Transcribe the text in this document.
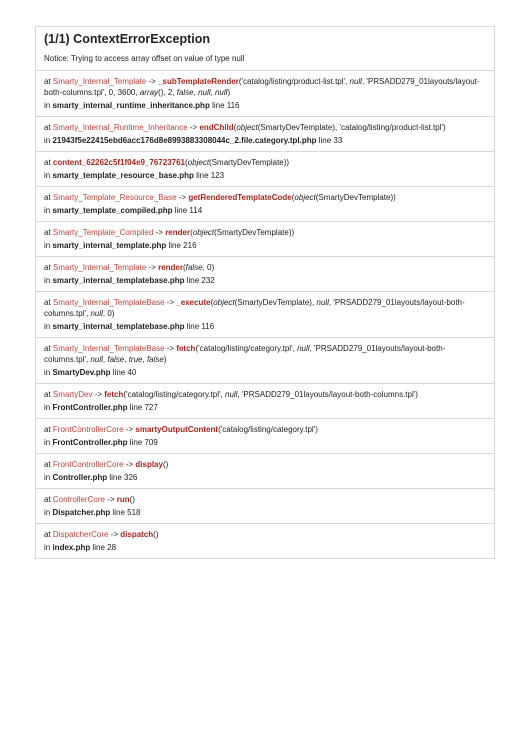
(1/1) ContextErrorException
Notice: Trying to access array offset on value of type null
at Smarty_Internal_Template -> _subTemplateRender('catalog/listing/product-list.tpl', null, 'PRSADD279_01layouts/layout-both-columns.tpl', 0, 3600, array(), 2, false, null, null)
in smarty_internal_runtime_inheritance.php line 116
at Smarty_Internal_Runtime_Inheritance -> endChild(object(SmartyDevTemplate), 'catalog/listing/product-list.tpl')
in 21943f5e22415ebd6acc176d8e8993883308044c_2.file.category.tpl.php line 33
at content_62262c5f1f04e9_76723761(object(SmartyDevTemplate))
in smarty_template_resource_base.php line 123
at Smarty_Template_Resource_Base -> getRenderedTemplateCode(object(SmartyDevTemplate))
in smarty_template_compiled.php line 114
at Smarty_Template_Compiled -> render(object(SmartyDevTemplate))
in smarty_internal_template.php line 216
at Smarty_Internal_Template -> render(false, 0)
in smarty_internal_templatebase.php line 232
at Smarty_Internal_TemplateBase -> _execute(object(SmartyDevTemplate), null, 'PRSADD279_01layouts/layout-both-columns.tpl', null, 0)
in smarty_internal_templatebase.php line 116
at Smarty_Internal_TemplateBase -> fetch('catalog/listing/category.tpl', null, 'PRSADD279_01layouts/layout-both-columns.tpl', null, false, true, false)
in SmartyDev.php line 40
at SmartyDev -> fetch('catalog/listing/category.tpl', null, 'PRSADD279_01layouts/layout-both-columns.tpl')
in FrontController.php line 727
at FrontControllerCore -> smartyOutputContent('catalog/listing/category.tpl')
in FrontController.php line 709
at FrontControllerCore -> display()
in Controller.php line 326
at ControllerCore -> run()
in Dispatcher.php line 518
at DispatcherCore -> dispatch()
in index.php line 28
